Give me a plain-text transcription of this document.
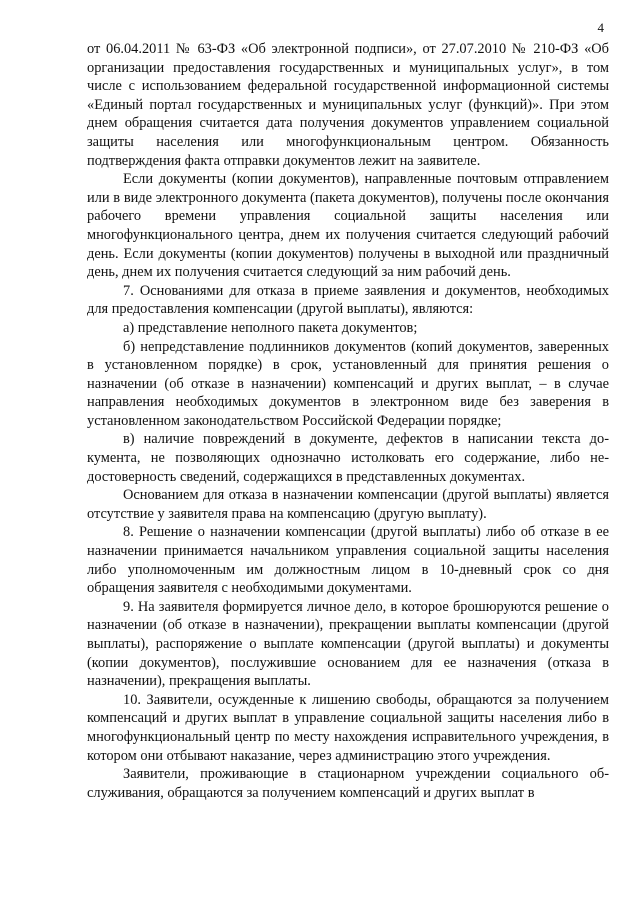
4

от 06.04.2011 № 63-ФЗ «Об электронной подписи», от 27.07.2010 № 210-ФЗ «Об организации предоставления государственных и муниципальных услуг», в том числе с использованием федеральной государственной информационной системы «Единый портал государственных и муниципальных услуг (функций)». При этом днем обращения считается дата получения документов управлением социальной защиты населения или многофункциональным центром. Обязанность подтверждения факта отправки документов лежит на заявителе.

Если документы (копии документов), направленные почтовым отправлением или в виде электронного документа (пакета документов), получены после окончания рабочего времени управления социальной защиты населения или многофункционального центра, днем их получения считается следующий рабочий день. Если документы (копии документов) получены в выходной или праздничный день, днем их получения считается следующий за ним рабочий день.

7. Основаниями для отказа в приеме заявления и документов, необходимых для предоставления компенсации (другой выплаты), являются:

а) представление неполного пакета документов;

б) непредставление подлинников документов (копий документов, заверенных в установленном порядке) в срок, установленный для принятия решения о назначении (об отказе в назначении) компенсаций и других выплат, – в случае направления необходимых документов в электронном виде без заверения в установленном законодательством Российской Федерации порядке;

в) наличие повреждений в документе, дефектов в написании текста документа, не позволяющих однозначно истолковать его содержание, либо недостоверность сведений, содержащихся в представленных документах.

Основанием для отказа в назначении компенсации (другой выплаты) является отсутствие у заявителя права на компенсацию (другую выплату).

8. Решение о назначении компенсации (другой выплаты) либо об отказе в ее назначении принимается начальником управления социальной защиты населения либо уполномоченным им должностным лицом в 10-дневный срок со дня обращения заявителя с необходимыми документами.

9. На заявителя формируется личное дело, в которое брошюруются решение о назначении (об отказе в назначении), прекращении выплаты компенсации (другой выплаты), распоряжение о выплате компенсации (другой выплаты) и документы (копии документов), послужившие основанием для ее назначения (отказа в назначении), прекращения выплаты.

10. Заявители, осужденные к лишению свободы, обращаются за получением компенсаций и других выплат в управление социальной защиты населения либо в многофункциональный центр по месту нахождения исправительного учреждения, в котором они отбывают наказание, через администрацию этого учреждения.

Заявители, проживающие в стационарном учреждении социального обслуживания, обращаются за получением компенсаций и других выплат в
